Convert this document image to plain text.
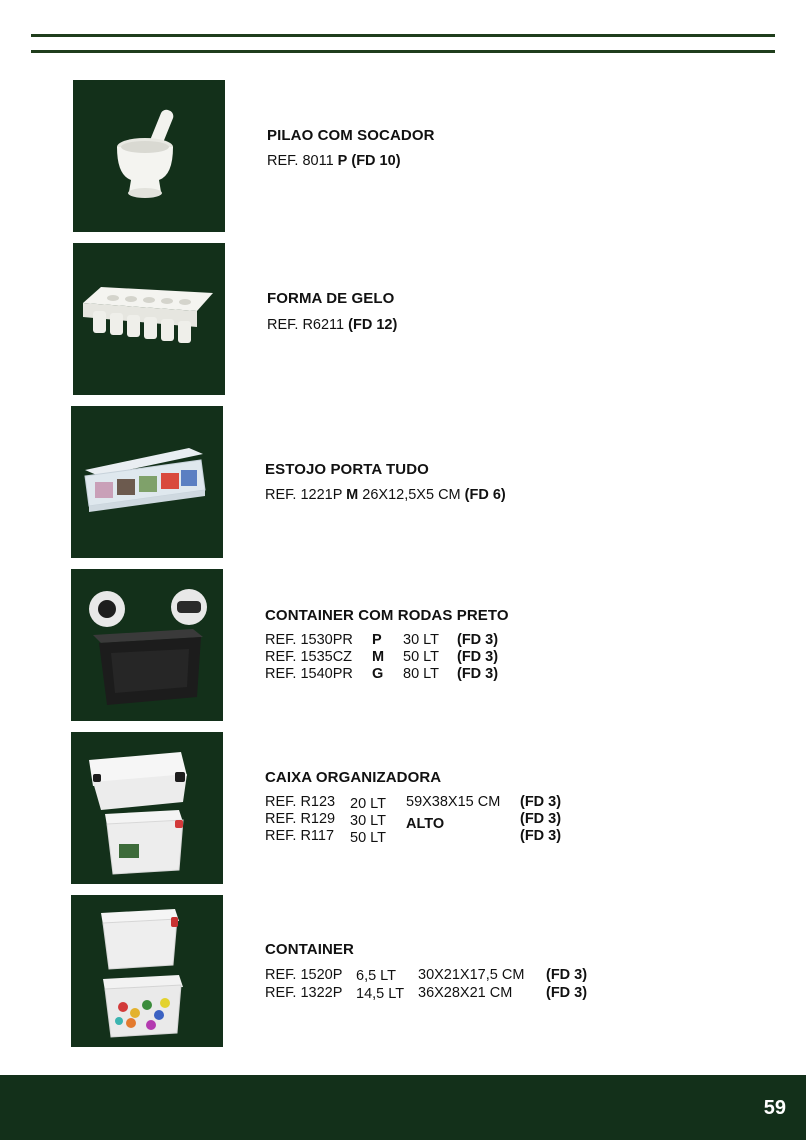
PILAO COM SOCADOR
REF. 8011 P (FD 10)
FORMA DE GELO
REF. R6211 (FD 12)
ESTOJO PORTA TUDO
REF. 1221P M 26X12,5X5 CM (FD 6)
CONTAINER COM RODAS PRETO
REF. 1530PR P 30 LT (FD 3)
REF. 1535CZ M 50 LT (FD 3)
REF. 1540PR G 80 LT (FD 3)
CAIXA ORGANIZADORA
REF. R123 20 LT 59X38X15 CM (FD 3)
REF. R129 30 LT ALTO	(FD 3)
REF. R117 50 LT	(FD 3)
CONTAINER
REF. 1520P 6,5 LT 30X21X17,5 CM (FD 3)
REF. 1322P 14,5 LT 36X28X21 CM (FD 3)
59
